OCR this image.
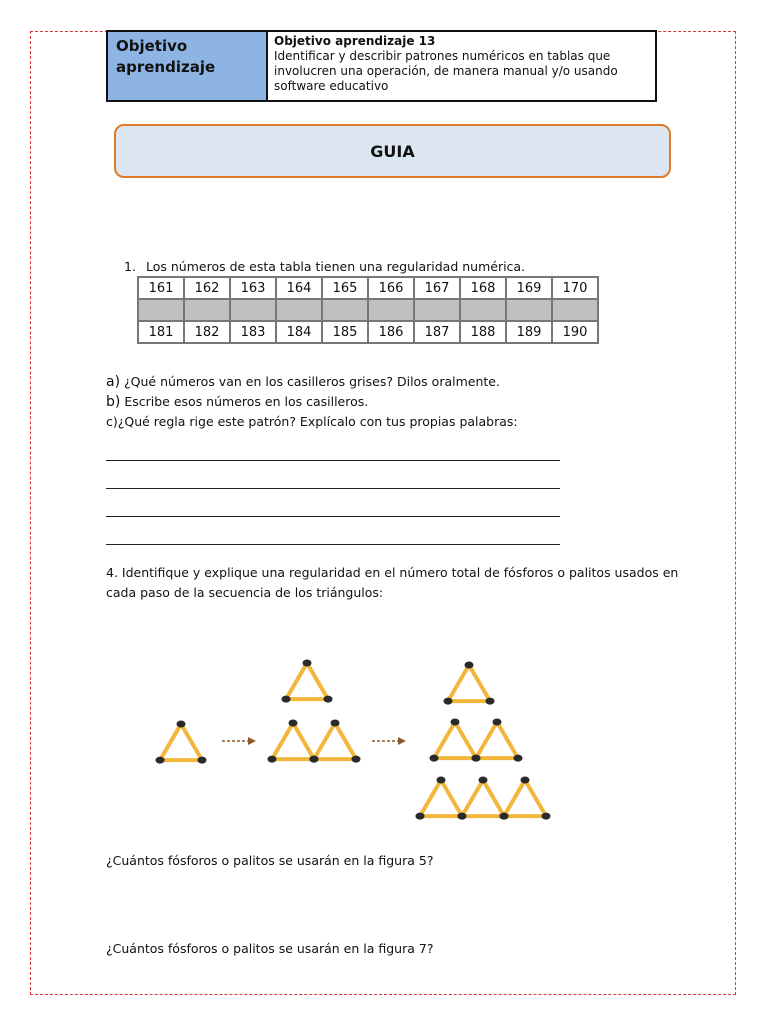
Objetivo aprendizaje
Objetivo aprendizaje 13
Identificar y describir patrones numéricos en tablas que involucren una operación, de manera manual y/o usando software educativo
GUIA
1. Los números de esta tabla tienen una regularidad numérica.
161	162	163	164	165	166	167	168	169	170

181	182	183	184	185	186	187	188	189	190
a) ¿Qué números van en los casilleros grises? Dilos oralmente.
b) Escribe esos números en los casilleros.
c)¿Qué regla rige este patrón? Explícalo con tus propias palabras:
4. Identifique y explique una regularidad en el número total de fósforos o palitos usados en cada paso de la secuencia de los triángulos:
¿Cuántos fósforos o palitos se usarán en la figura 5?
¿Cuántos fósforos o palitos se usarán en la figura 7?
